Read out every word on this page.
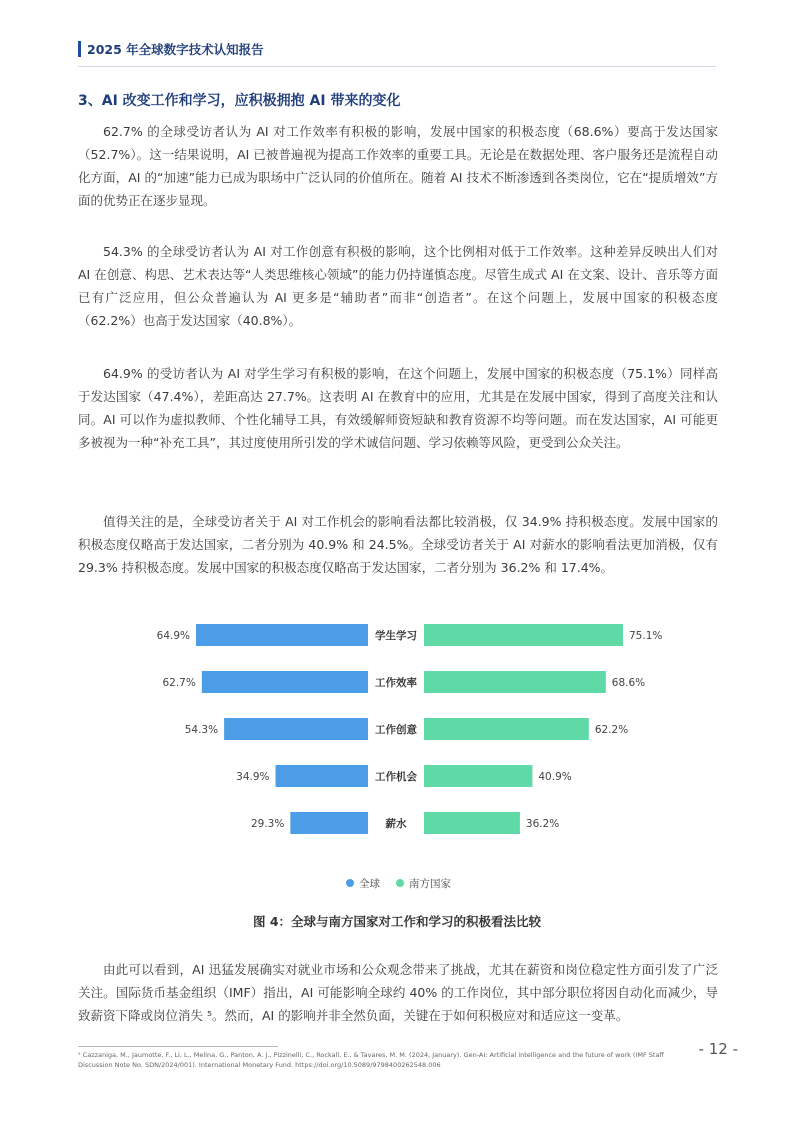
2025 年全球数字技术认知报告
3、AI 改变工作和学习，应积极拥抱 AI 带来的变化

62.7% 的全球受访者认为 AI 对工作效率有积极的影响，发展中国家的积极态度（68.6%）要高于发达国家（52.7%）。这一结果说明，AI 已被普遍视为提高工作效率的重要工具。无论是在数据处理、客户服务还是流程自动化方面，AI 的“加速”能力已成为职场中广泛认同的价值所在。随着 AI 技术不断渗透到各类岗位，它在“提质增效”方面的优势正在逐步显现。

54.3% 的全球受访者认为 AI 对工作创意有积极的影响，这个比例相对低于工作效率。这种差异反映出人们对 AI 在创意、构思、艺术表达等“人类思维核心领域”的能力仍持谨慎态度。尽管生成式 AI 在文案、设计、音乐等方面已有广泛应用，但公众普遍认为 AI 更多是“辅助者”而非“创造者”。在这个问题上，发展中国家的积极态度（62.2%）也高于发达国家（40.8%）。

64.9% 的受访者认为 AI 对学生学习有积极的影响，在这个问题上，发展中国家的积极态度（75.1%）同样高于发达国家（47.4%），差距高达 27.7%。这表明 AI 在教育中的应用，尤其是在发展中国家，得到了高度关注和认同。AI 可以作为虚拟教师、个性化辅导工具，有效缓解师资短缺和教育资源不均等问题。而在发达国家，AI 可能更多被视为一种“补充工具”，其过度使用所引发的学术诚信问题、学习依赖等风险，更受到公众关注。

值得关注的是，全球受访者关于 AI 对工作机会的影响看法都比较消极，仅 34.9% 持积极态度。发展中国家的积极态度仅略高于发达国家，二者分别为 40.9% 和 24.5%。全球受访者关于 AI 对薪水的影响看法更加消极，仅有 29.3% 持积极态度。发展中国家的积极态度仅略高于发达国家，二者分别为 36.2% 和 17.4%。

64.9%	75.1%
学生学习
62.7%	68.6%
工作效率
54.3%	62.2%
工作创意
34.9%	40.9%
工作机会
29.3%	36.2%
薪水
全球	南方国家
图 4：全球与南方国家对工作和学习的积极看法比较

由此可以看到，AI 迅猛发展确实对就业市场和公众观念带来了挑战，尤其在薪资和岗位稳定性方面引发了广泛关注。国际货币基金组织（IMF）指出，AI 可能影响全球约 40% 的工作岗位，其中部分职位将因自动化而减少，导致薪资下降或岗位消失 ⁵。然而，AI 的影响并非全然负面，关键在于如何积极应对和适应这一变革。

⁵ Cazzaniga, M., Jaumotte, F., Li, L., Melina, G., Panton, A. J., Pizzinelli, C., Rockall, E., & Tavares, M. M. (2024, January). Gen-AI: Artificial intelligence and the future of work (IMF Staff Discussion Note No. SDN/2024/001). International Monetary Fund. https://doi.org/10.5089/9798400262548.006
- 12 -
